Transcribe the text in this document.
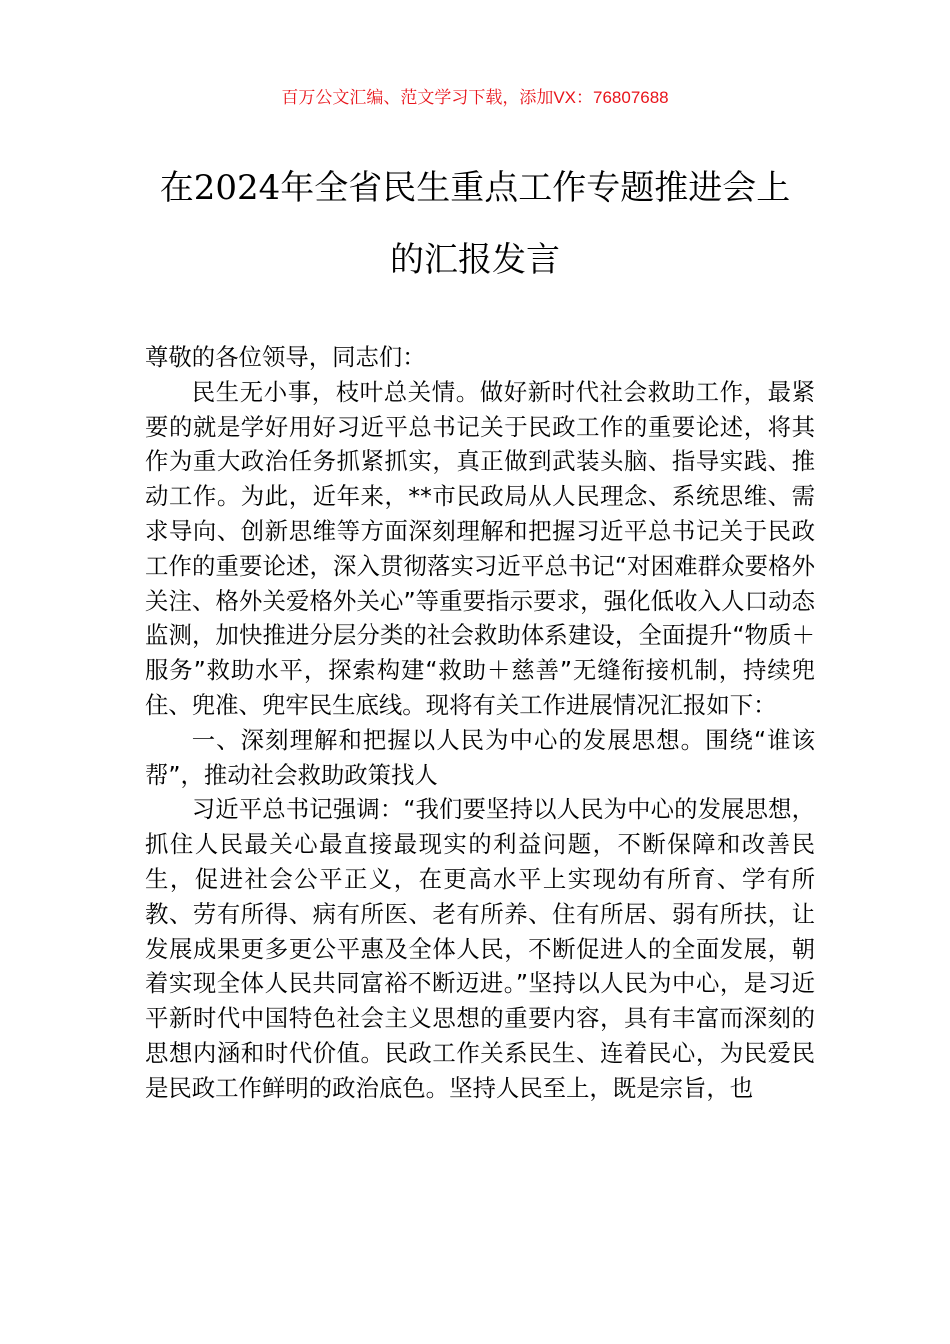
百万公文汇编、范文学习下载，添加VX：76807688
在2024年全省民生重点工作专题推进会上
的汇报发言

尊敬的各位领导，同志们：

民生无小事，枝叶总关情。做好新时代社会救助工作，最紧要的就是学好用好习近平总书记关于民政工作的重要论述，将其作为重大政治任务抓紧抓实，真正做到武装头脑、指导实践、推动工作。为此，近年来，**市民政局从人民理念、系统思维、需求导向、创新思维等方面深刻理解和把握习近平总书记关于民政工作的重要论述，深入贯彻落实习近平总书记“对困难群众要格外关注、格外关爱格外关心”等重要指示要求，强化低收入人口动态监测，加快推进分层分类的社会救助体系建设，全面提升“物质＋服务”救助水平，探索构建“救助＋慈善”无缝衔接机制，持续兜住、兜准、兜牢民生底线。现将有关工作进展情况汇报如下：

一、深刻理解和把握以人民为中心的发展思想。围绕“谁该帮”，推动社会救助政策找人

习近平总书记强调：“我们要坚持以人民为中心的发展思想，抓住人民最关心最直接最现实的利益问题，不断保障和改善民生，促进社会公平正义，在更高水平上实现幼有所育、学有所教、劳有所得、病有所医、老有所养、住有所居、弱有所扶，让发展成果更多更公平惠及全体人民，不断促进人的全面发展，朝着实现全体人民共同富裕不断迈进。”坚持以人民为中心，是习近平新时代中国特色社会主义思想的重要内容，具有丰富而深刻的思想内涵和时代价值。民政工作关系民生、连着民心，为民爱民是民政工作鲜明的政治底色。坚持人民至上，既是宗旨，也
